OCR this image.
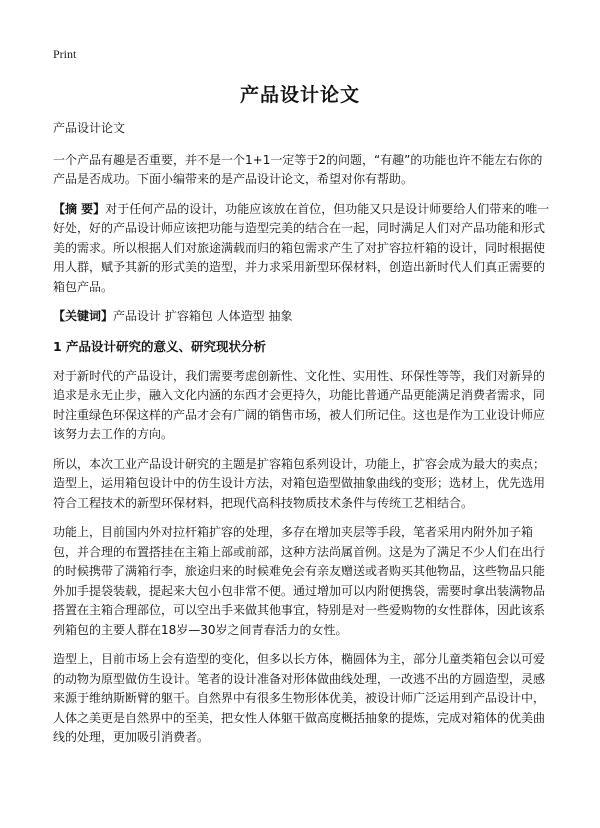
Print
产品设计论文

产品设计论文

一个产品有趣是否重要，并不是一个1+1一定等于2的问题，“有趣”的功能也许不能左右你的产品是否成功。下面小编带来的是产品设计论文，希望对你有帮助。

【摘 要】对于任何产品的设计，功能应该放在首位，但功能又只是设计师要给人们带来的唯一好处，好的产品设计师应该把功能与造型完美的结合在一起，同时满足人们对产品功能和形式美的需求。所以根据人们对旅途满载而归的箱包需求产生了对扩容拉杆箱的设计，同时根据使用人群，赋予其新的形式美的造型，并力求采用新型环保材料，创造出新时代人们真正需要的箱包产品。

【关键词】产品设计 扩容箱包 人体造型 抽象

1 产品设计研究的意义、研究现状分析

对于新时代的产品设计，我们需要考虑创新性、文化性、实用性、环保性等等，我们对新异的追求是永无止步，融入文化内涵的东西才会更持久，功能比普通产品更能满足消费者需求，同时注重绿色环保这样的产品才会有广阔的销售市场，被人们所记住。这也是作为工业设计师应该努力去工作的方向。

所以，本次工业产品设计研究的主题是扩容箱包系列设计，功能上，扩容会成为最大的卖点；造型上，运用箱包设计中的仿生设计方法，对箱包造型做抽象曲线的变形；选材上，优先选用符合工程技术的新型环保材料，把现代高科技物质技术条件与传统工艺相结合。

功能上，目前国内外对拉杆箱扩容的处理，多存在增加夹层等手段，笔者采用内附外加子箱包，并合理的布置搭挂在主箱上部或前部，这种方法尚属首例。这是为了满足不少人们在出行的时候携带了满箱行李，旅途归来的时候难免会有亲友赠送或者购买其他物品，这些物品只能外加手提袋装载，提起来大包小包非常不便。通过增加可以内附便携袋，需要时拿出装满物品搭置在主箱合理部位，可以空出手来做其他事宜，特别是对一些爱购物的女性群体，因此该系列箱包的主要人群在18岁—30岁之间青春活力的女性。

造型上，目前市场上会有造型的变化，但多以长方体，椭圆体为主，部分儿童类箱包会以可爱的动物为原型做仿生设计。笔者的设计准备对形体做曲线处理，一改逃不出的方圆造型，灵感来源于维纳斯断臂的躯干。自然界中有很多生物形体优美，被设计师广泛运用到产品设计中，人体之美更是自然界中的至美，把女性人体躯干做高度概括抽象的提炼，完成对箱体的优美曲线的处理，更加吸引消费者。
